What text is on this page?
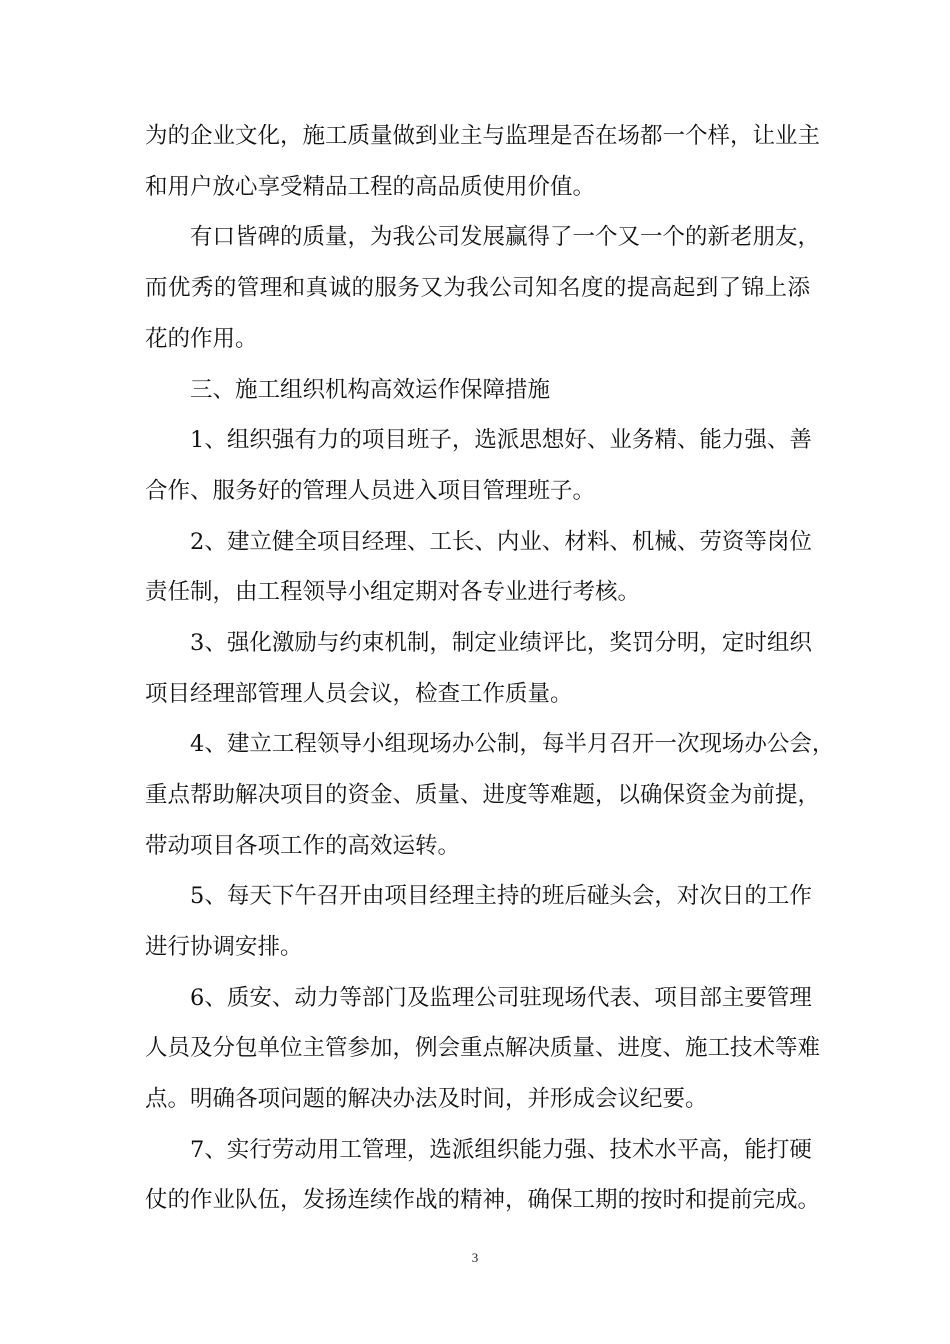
为的企业文化，施工质量做到业主与监理是否在场都一个样，让业主
和用户放心享受精品工程的高品质使用价值。
有口皆碑的质量，为我公司发展赢得了一个又一个的新老朋友，
而优秀的管理和真诚的服务又为我公司知名度的提高起到了锦上添
花的作用。
三、施工组织机构高效运作保障措施
1、组织强有力的项目班子，选派思想好、业务精、能力强、善
合作、服务好的管理人员进入项目管理班子。
2、建立健全项目经理、工长、内业、材料、机械、劳资等岗位
责任制，由工程领导小组定期对各专业进行考核。
3、强化激励与约束机制，制定业绩评比，奖罚分明，定时组织
项目经理部管理人员会议，检查工作质量。
4、建立工程领导小组现场办公制，每半月召开一次现场办公会，
重点帮助解决项目的资金、质量、进度等难题，以确保资金为前提，
带动项目各项工作的高效运转。
5、每天下午召开由项目经理主持的班后碰头会，对次日的工作
进行协调安排。
6、质安、动力等部门及监理公司驻现场代表、项目部主要管理
人员及分包单位主管参加，例会重点解决质量、进度、施工技术等难
点。明确各项问题的解决办法及时间，并形成会议纪要。
7、实行劳动用工管理，选派组织能力强、技术水平高，能打硬
仗的作业队伍，发扬连续作战的精神，确保工期的按时和提前完成。
3
